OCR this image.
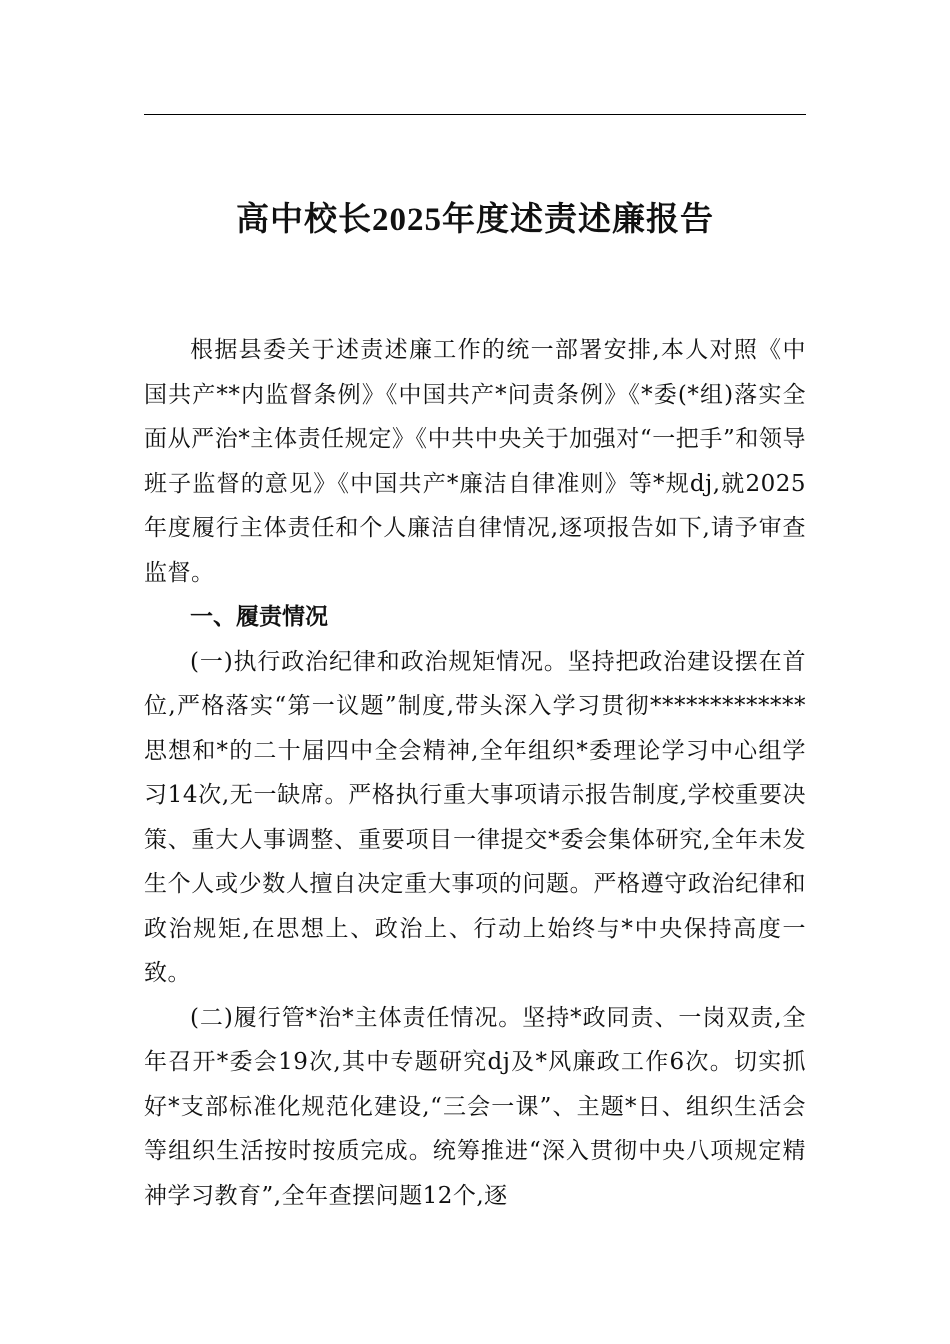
高中校长2025年度述责述廉报告

根据县委关于述责述廉工作的统一部署安排,本人对照《中国共产**内监督条例》《中国共产*问责条例》《*委(*组)落实全面从严治*主体责任规定》《中共中央关于加强对“一把手”和领导班子监督的意见》《中国共产*廉洁自律准则》等*规dj,就2025年度履行主体责任和个人廉洁自律情况,逐项报告如下,请予审查监督。

一、履责情况

(一)执行政治纪律和政治规矩情况。坚持把政治建设摆在首位,严格落实“第一议题”制度,带头深入学习贯彻*************思想和*的二十届四中全会精神,全年组织*委理论学习中心组学习14次,无一缺席。严格执行重大事项请示报告制度,学校重要决策、重大人事调整、重要项目一律提交*委会集体研究,全年未发生个人或少数人擅自决定重大事项的问题。严格遵守政治纪律和政治规矩,在思想上、政治上、行动上始终与*中央保持高度一致。

(二)履行管*治*主体责任情况。坚持*政同责、一岗双责,全年召开*委会19次,其中专题研究dj及*风廉政工作6次。切实抓好*支部标准化规范化建设,“三会一课”、主题*日、组织生活会等组织生活按时按质完成。统筹推进“深入贯彻中央八项规定精神学习教育”,全年查摆问题12个,逐
